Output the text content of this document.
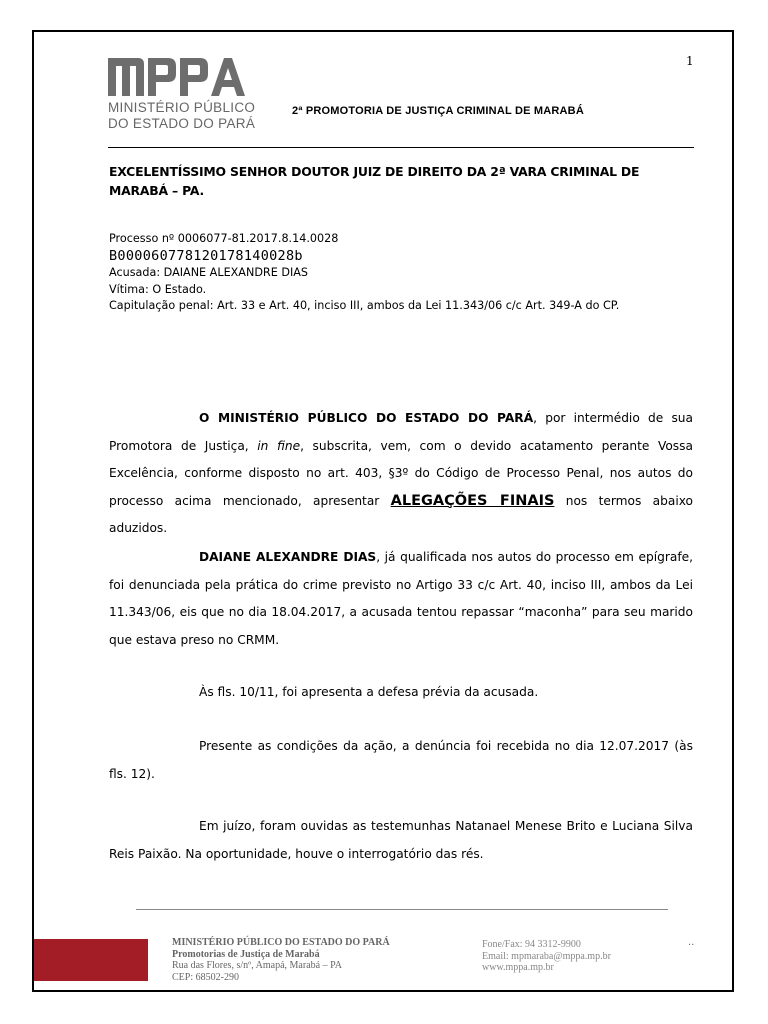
1
MINISTÉRIO PÚBLICO
DO ESTADO DO PARÁ
2ª PROMOTORIA DE JUSTIÇA CRIMINAL DE MARABÁ
EXCELENTÍSSIMO SENHOR DOUTOR JUIZ DE DIREITO DA 2ª VARA CRIMINAL DE MARABÁ – PA.
Processo nº 0006077-81.2017.8.14.0028
B00006077812017814002​8b
Acusada: DAIANE ALEXANDRE DIAS
Vítima: O Estado.
Capitulação penal: Art. 33 e Art. 40, inciso III, ambos da Lei 11.343/06 c/c Art. 349-A do CP.
O MINISTÉRIO PÚBLICO DO ESTADO DO PARÁ, por intermédio de sua Promotora de Justiça, in fine, subscrita, vem, com o devido acatamento perante Vossa Excelência, conforme disposto no art. 403, §3º do Código de Processo Penal, nos autos do processo acima mencionado, apresentar ALEGAÇÕES FINAIS nos termos abaixo aduzidos.
DAIANE ALEXANDRE DIAS, já qualificada nos autos do processo em epígrafe, foi denunciada pela prática do crime previsto no Artigo 33 c/c Art. 40, inciso III, ambos da Lei 11.343/06, eis que no dia 18.04.2017, a acusada tentou repassar “maconha” para seu marido que estava preso no CRMM.
Às fls. 10/11, foi apresenta a defesa prévia da acusada.
Presente as condições da ação, a denúncia foi recebida no dia 12.07.2017 (às fls. 12).
Em juízo, foram ouvidas as testemunhas Natanael Menese Brito e Luciana Silva Reis Paixão. Na oportunidade, houve o interrogatório das rés.
MINISTÉRIO PÚBLICO DO ESTADO DO PARÁ
Promotorias de Justiça de Marabá
Rua das Flores, s/nº, Amapá, Marabá – PA
CEP: 68502-290
Fone/Fax: 94 3312-9900
Email: mpmaraba@mppa.mp.br
www.mppa.mp.br
..
